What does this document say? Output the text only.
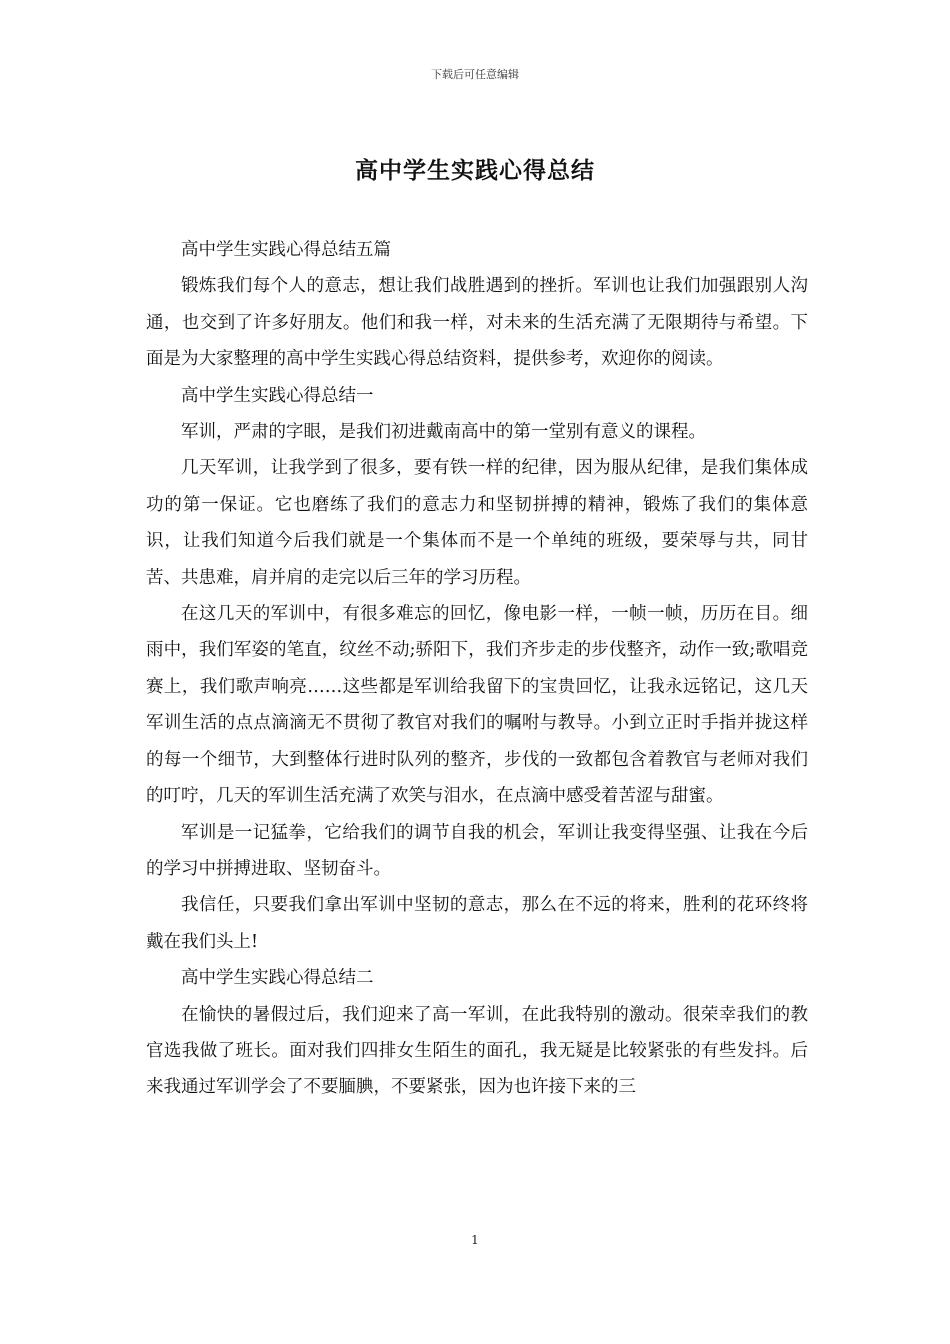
下载后可任意编辑
高中学生实践心得总结

高中学生实践心得总结五篇

锻炼我们每个人的意志，想让我们战胜遇到的挫折。军训也让我们加强跟别人沟通，也交到了许多好朋友。他们和我一样，对未来的生活充满了无限期待与希望。下面是为大家整理的高中学生实践心得总结资料，提供参考，欢迎你的阅读。

高中学生实践心得总结一

军训，严肃的字眼，是我们初进戴南高中的第一堂别有意义的课程。

几天军训，让我学到了很多，要有铁一样的纪律，因为服从纪律，是我们集体成功的第一保证。它也磨练了我们的意志力和坚韧拼搏的精神，锻炼了我们的集体意识，让我们知道今后我们就是一个集体而不是一个单纯的班级，要荣辱与共，同甘苦、共患难，肩并肩的走完以后三年的学习历程。

在这几天的军训中，有很多难忘的回忆，像电影一样，一帧一帧，历历在目。细雨中，我们军姿的笔直，纹丝不动;骄阳下，我们齐步走的步伐整齐，动作一致;歌唱竞赛上，我们歌声响亮……这些都是军训给我留下的宝贵回忆，让我永远铭记，这几天军训生活的点点滴滴无不贯彻了教官对我们的嘱咐与教导。小到立正时手指并拢这样的每一个细节，大到整体行进时队列的整齐，步伐的一致都包含着教官与老师对我们的叮咛，几天的军训生活充满了欢笑与泪水，在点滴中感受着苦涩与甜蜜。

军训是一记猛拳，它给我们的调节自我的机会，军训让我变得坚强、让我在今后的学习中拼搏进取、坚韧奋斗。

我信任，只要我们拿出军训中坚韧的意志，那么在不远的将来，胜利的花环终将戴在我们头上!

高中学生实践心得总结二

在愉快的暑假过后，我们迎来了高一军训，在此我特别的激动。很荣幸我们的教官选我做了班长。面对我们四排女生陌生的面孔，我无疑是比较紧张的有些发抖。后来我通过军训学会了不要腼腆，不要紧张，因为也许接下来的三

1
